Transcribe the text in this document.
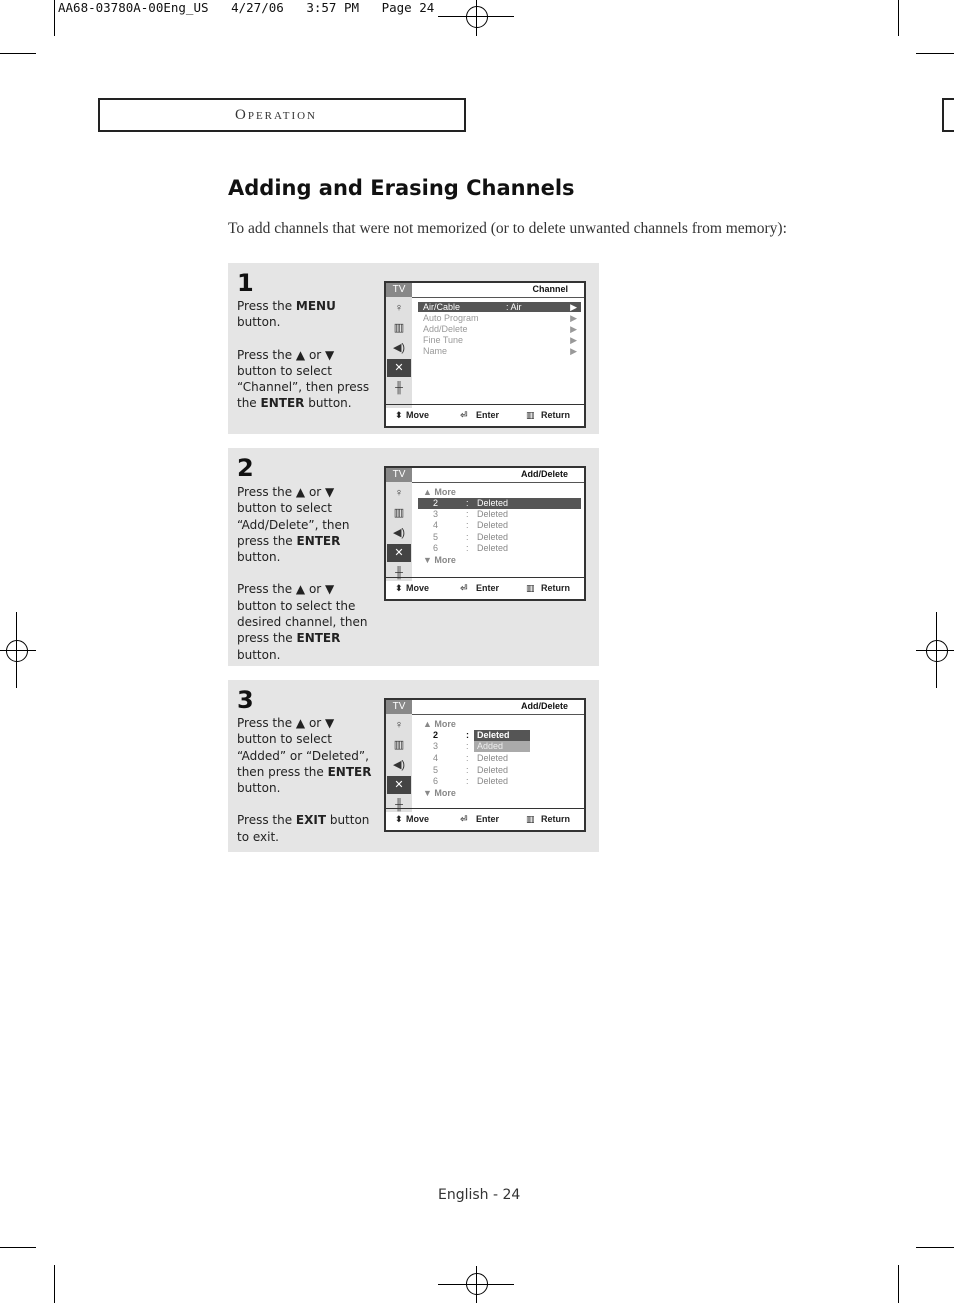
AA68-03780A-00Eng_US   4/27/06   3:57 PM   Page 24
Operation
Adding and Erasing Channels
To add channels that were not memorized (or to delete unwanted channels from memory):
1

Press the MENU button.

Press the ▲ or ▼ button to select “Channel”, then press the ENTER button.

TV
♀
▥
◀)
✕
╫
Channel
Air/Cable	: Air	▶
Auto Program	▶
Add/Delete	▶
Fine Tune	▶
Name	▶
⬍ Move	⏎ Enter	▥ Return
2

Press the ▲ or ▼ button to select “Add/Delete”, then press the ENTER button.

Press the ▲ or ▼ button to select the desired channel, then press the ENTER button.

TV
♀
▥
◀)
✕
╫
Add/Delete
▲ More
2	: Deleted
3	: Deleted
4	: Deleted
5	: Deleted
6	: Deleted
▼ More
⬍ Move	⏎ Enter	▥ Return
3

Press the ▲ or ▼ button to select “Added” or “Deleted”, then press the ENTER button.

Press the EXIT button to exit.

TV
♀
▥
◀)
✕
╫
Add/Delete
▲ More
2	: Deleted
3	: Added
4	: Deleted
5	: Deleted
6	: Deleted
▼ More
⬍ Move	⏎ Enter	▥ Return
English - 24
